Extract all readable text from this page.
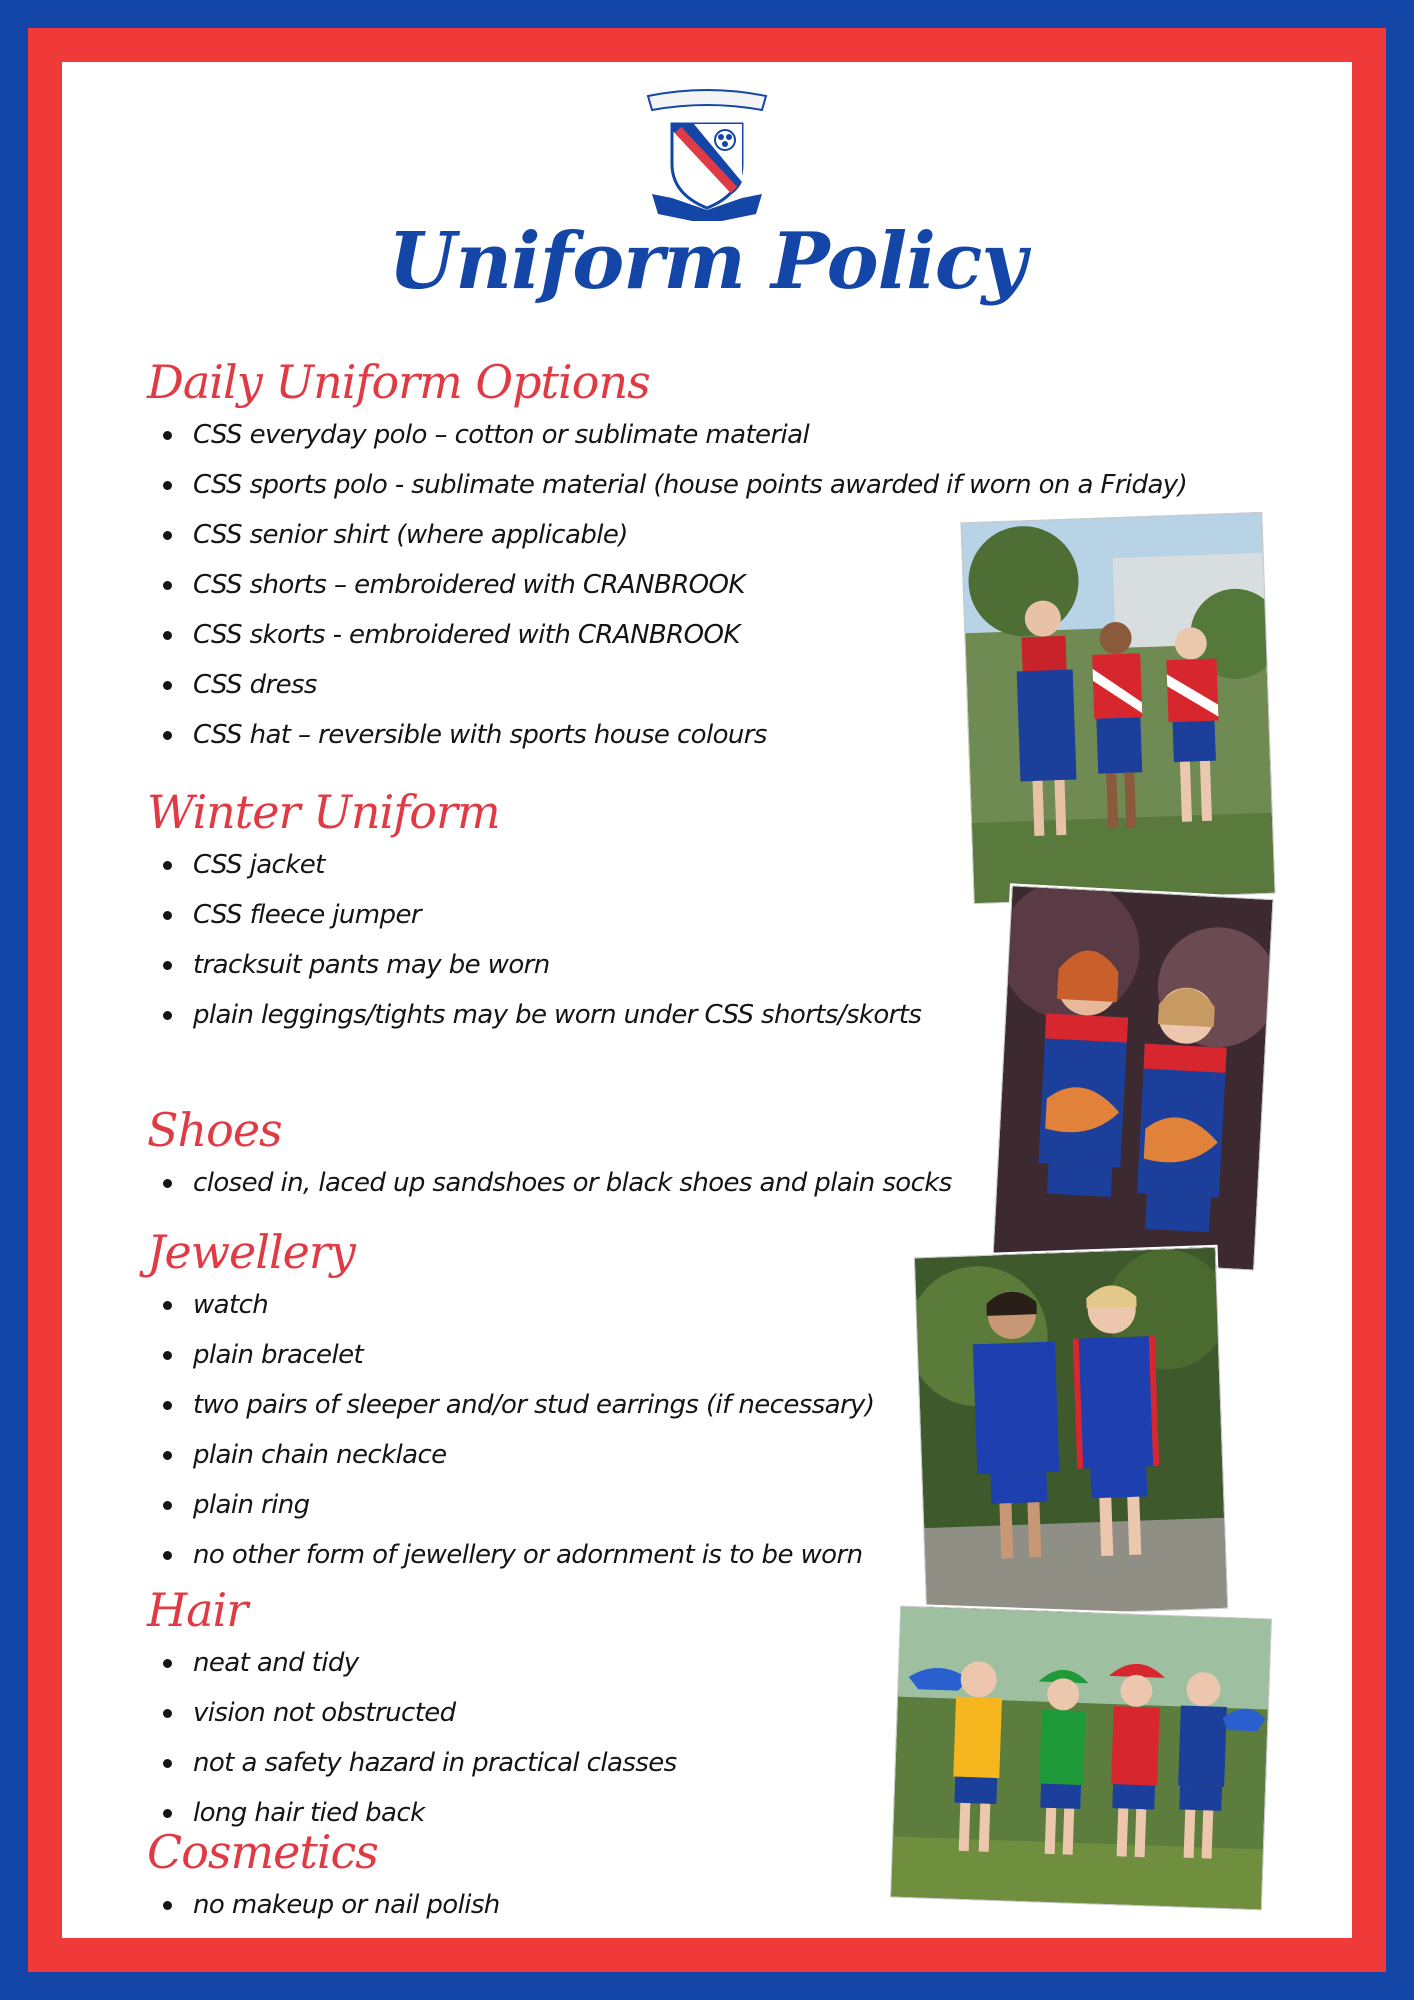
Uniform Policy
Daily Uniform Options
CSS everyday polo – cotton or sublimate material
CSS sports polo - sublimate material (house points awarded if worn on a Friday)
CSS senior shirt (where applicable)
CSS shorts – embroidered with CRANBROOK
CSS skorts - embroidered with CRANBROOK
CSS dress
CSS hat – reversible with sports house colours
Winter Uniform
CSS jacket
CSS fleece jumper
tracksuit pants may be worn
plain leggings/tights may be worn under CSS shorts/skorts
Shoes
closed in, laced up sandshoes or black shoes and plain socks
Jewellery
watch
plain bracelet
two pairs of sleeper and/or stud earrings (if necessary)
plain chain necklace
plain ring
no other form of jewellery or adornment is to be worn
Hair
neat and tidy
vision not obstructed
not a safety hazard in practical classes
long hair tied back
Cosmetics
no makeup or nail polish
